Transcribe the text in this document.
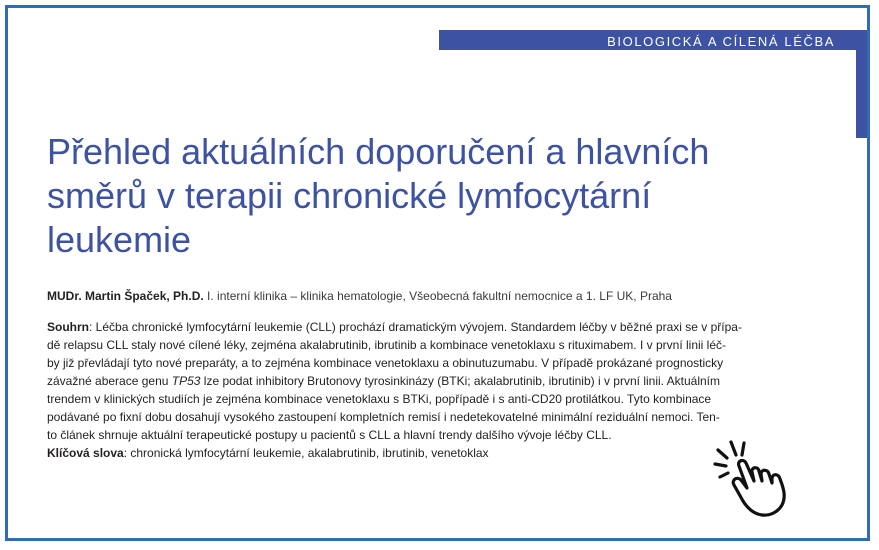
BIOLOGICKÁ A CÍLENÁ LÉČBA
Přehled aktuálních doporučení a hlavních
směrů v terapii chronické lymfocytární
leukemie
MUDr. Martin Špaček, Ph.D. I. interní klinika – klinika hematologie, Všeobecná fakultní nemocnice a 1. LF UK, Praha
Souhrn: Léčba chronické lymfocytární leukemie (CLL) prochází dramatickým vývojem. Standardem léčby v běžné praxi se v přípa-
dě relapsu CLL staly nové cílené léky, zejména akalabrutinib, ibrutinib a kombinace venetoklaxu s rituximabem. I v první linii léč-
by již převládají tyto nové preparáty, a to zejména kombinace venetoklaxu a obinutuzumabu. V případě prokázané prognosticky
závažné aberace genu TP53 lze podat inhibitory Brutonovy tyrosinkinázy (BTKi; akalabrutinib, ibrutinib) i v první linii. Aktuálním
trendem v klinických studiích je zejména kombinace venetoklaxu s BTKi, popřípadě i s anti-CD20 protilátkou. Tyto kombinace
podávané po fixní dobu dosahují vysokého zastoupení kompletních remisí i nedetekovatelné minimální reziduální nemoci. Ten-
to článek shrnuje aktuální terapeutické postupy u pacientů s CLL a hlavní trendy dalšího vývoje léčby CLL.
Klíčová slova: chronická lymfocytární leukemie, akalabrutinib, ibrutinib, venetoklax
